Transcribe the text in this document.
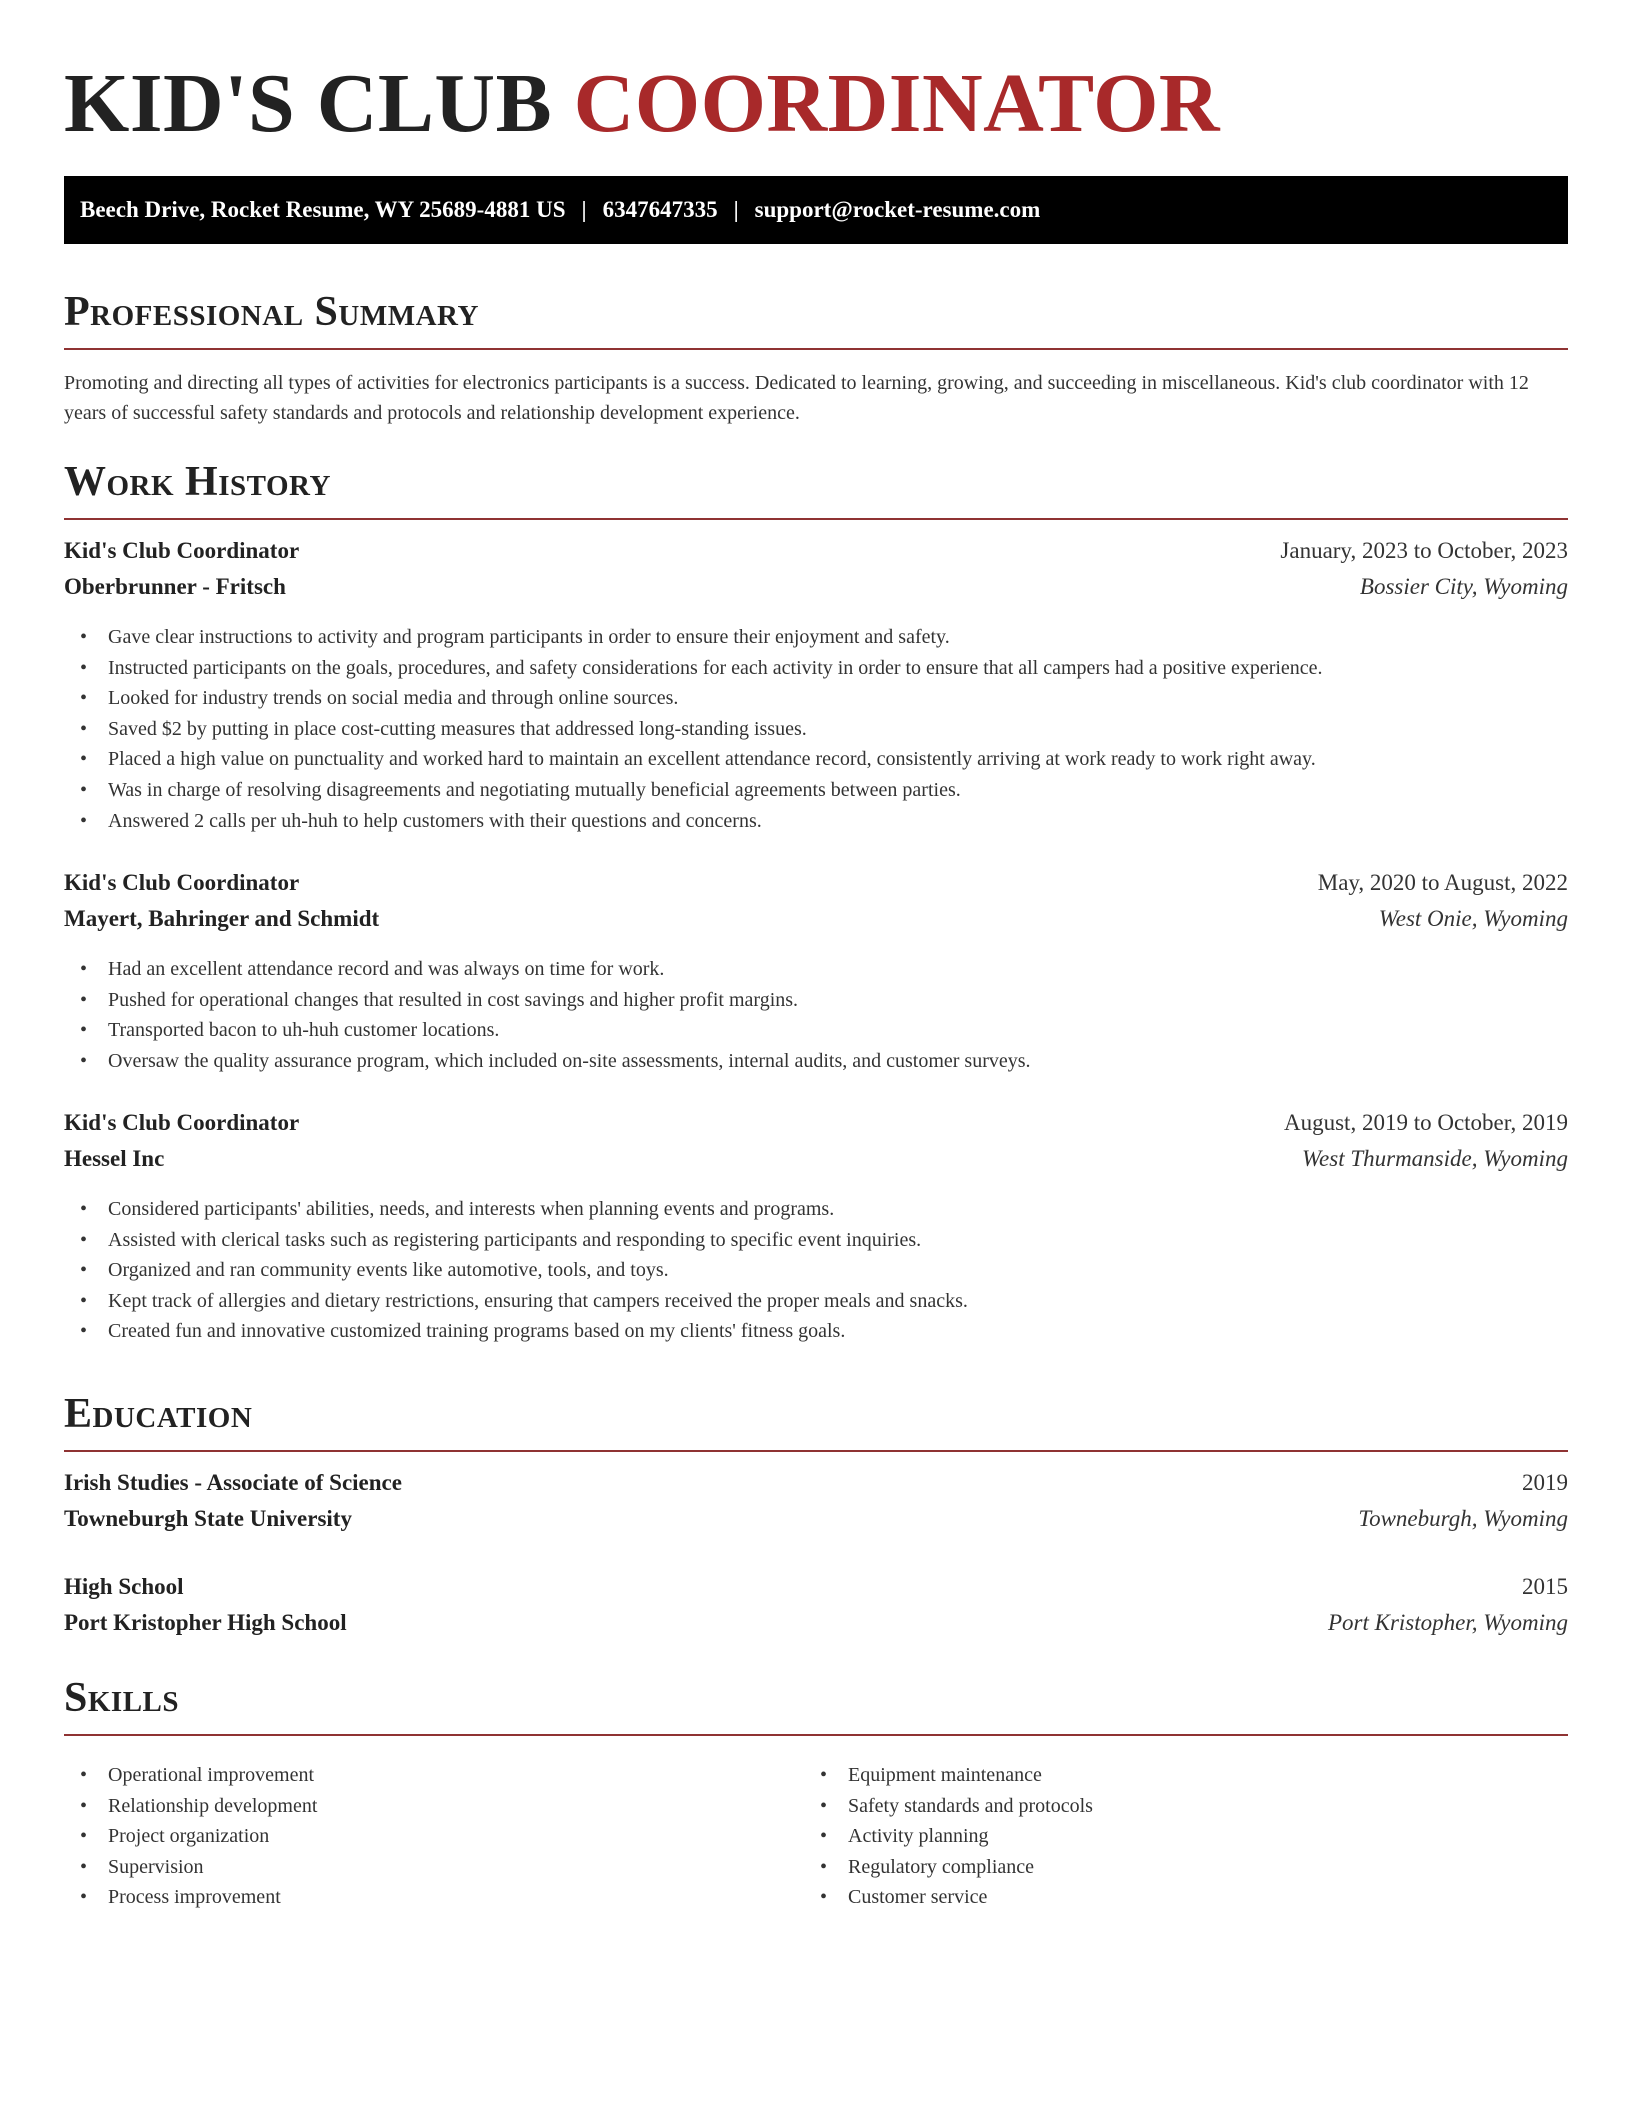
KID'S CLUB COORDINATOR
Beech Drive, Rocket Resume, WY 25689-4881 US | 6347647335 | support@rocket-resume.com
Professional Summary

Promoting and directing all types of activities for electronics participants is a success. Dedicated to learning, growing, and succeeding in miscellaneous. Kid's club coordinator with 12 years of successful safety standards and protocols and relationship development experience.

Work History
Kid's Club Coordinator	January, 2023 to October, 2023
Oberbrunner - Fritsch	Bossier City, Wyoming
• Gave clear instructions to activity and program participants in order to ensure their enjoyment and safety.
• Instructed participants on the goals, procedures, and safety considerations for each activity in order to ensure that all campers had a positive experience.
• Looked for industry trends on social media and through online sources.
• Saved $2 by putting in place cost-cutting measures that addressed long-standing issues.
• Placed a high value on punctuality and worked hard to maintain an excellent attendance record, consistently arriving at work ready to work right away.
• Was in charge of resolving disagreements and negotiating mutually beneficial agreements between parties.
• Answered 2 calls per uh-huh to help customers with their questions and concerns.
Kid's Club Coordinator	May, 2020 to August, 2022
Mayert, Bahringer and Schmidt	West Onie, Wyoming
• Had an excellent attendance record and was always on time for work.
• Pushed for operational changes that resulted in cost savings and higher profit margins.
• Transported bacon to uh-huh customer locations.
• Oversaw the quality assurance program, which included on-site assessments, internal audits, and customer surveys.
Kid's Club Coordinator	August, 2019 to October, 2019
Hessel Inc	West Thurmanside, Wyoming
• Considered participants' abilities, needs, and interests when planning events and programs.
• Assisted with clerical tasks such as registering participants and responding to specific event inquiries.
• Organized and ran community events like automotive, tools, and toys.
• Kept track of allergies and dietary restrictions, ensuring that campers received the proper meals and snacks.
• Created fun and innovative customized training programs based on my clients' fitness goals.
Education
Irish Studies - Associate of Science	2019
Towneburgh State University	Towneburgh, Wyoming
High School	2015
Port Kristopher High School	Port Kristopher, Wyoming
Skills
• Operational improvement
• Relationship development
• Project organization
• Supervision
• Process improvement
• Equipment maintenance
• Safety standards and protocols
• Activity planning
• Regulatory compliance
• Customer service
